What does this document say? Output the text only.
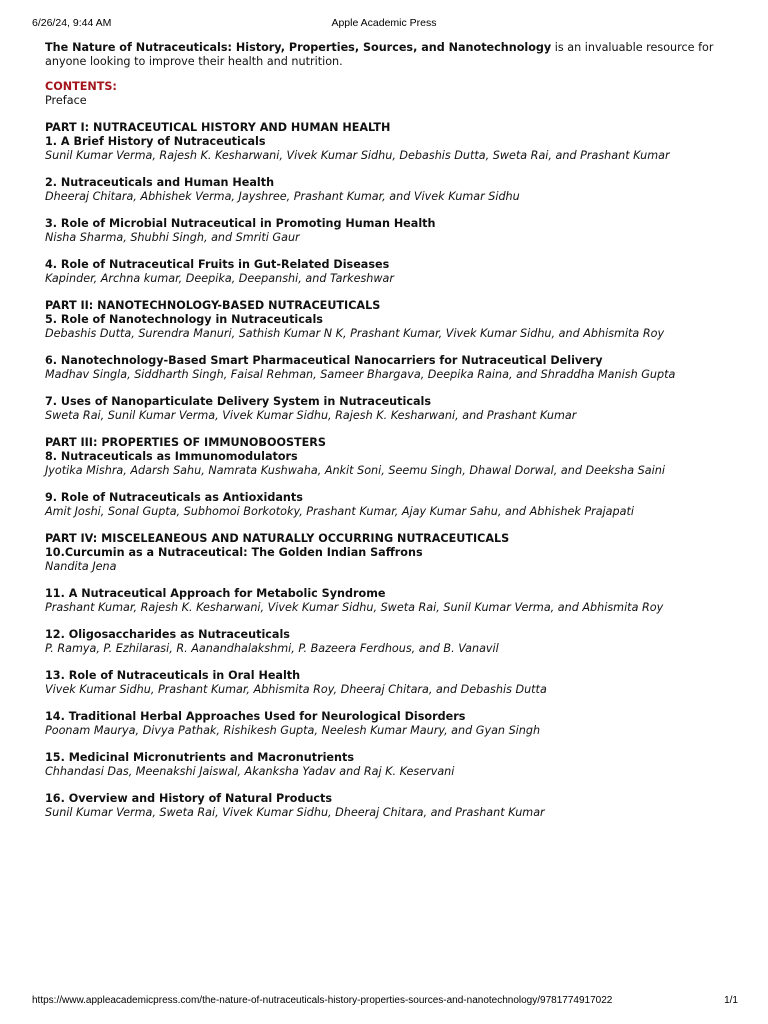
6/26/24, 9:44 AM	Apple Academic Press

The Nature of Nutraceuticals: History, Properties, Sources, and Nanotechnology is an invaluable resource for anyone looking to improve their health and nutrition.

CONTENTS:

Preface

PART I: NUTRACEUTICAL HISTORY AND HUMAN HEALTH

1. A Brief History of Nutraceuticals

Sunil Kumar Verma, Rajesh K. Kesharwani, Vivek Kumar Sidhu, Debashis Dutta, Sweta Rai, and Prashant Kumar

2. Nutraceuticals and Human Health

Dheeraj Chitara, Abhishek Verma, Jayshree, Prashant Kumar, and Vivek Kumar Sidhu

3. Role of Microbial Nutraceutical in Promoting Human Health

Nisha Sharma, Shubhi Singh, and Smriti Gaur

4. Role of Nutraceutical Fruits in Gut-Related Diseases

Kapinder, Archna kumar, Deepika, Deepanshi, and Tarkeshwar

PART II: NANOTECHNOLOGY-BASED NUTRACEUTICALS

5. Role of Nanotechnology in Nutraceuticals

Debashis Dutta, Surendra Manuri, Sathish Kumar N K, Prashant Kumar, Vivek Kumar Sidhu, and Abhismita Roy

6. Nanotechnology-Based Smart Pharmaceutical Nanocarriers for Nutraceutical Delivery

Madhav Singla, Siddharth Singh, Faisal Rehman, Sameer Bhargava, Deepika Raina, and Shraddha Manish Gupta

7. Uses of Nanoparticulate Delivery System in Nutraceuticals

Sweta Rai, Sunil Kumar Verma, Vivek Kumar Sidhu, Rajesh K. Kesharwani, and Prashant Kumar

PART III: PROPERTIES OF IMMUNOBOOSTERS

8. Nutraceuticals as Immunomodulators

Jyotika Mishra, Adarsh Sahu, Namrata Kushwaha, Ankit Soni, Seemu Singh, Dhawal Dorwal, and Deeksha Saini

9. Role of Nutraceuticals as Antioxidants

Amit Joshi, Sonal Gupta, Subhomoi Borkotoky, Prashant Kumar, Ajay Kumar Sahu, and Abhishek Prajapati

PART IV: MISCELEANEOUS AND NATURALLY OCCURRING NUTRACEUTICALS

10.Curcumin as a Nutraceutical: The Golden Indian Saffrons

Nandita Jena

11. A Nutraceutical Approach for Metabolic Syndrome

Prashant Kumar, Rajesh K. Kesharwani, Vivek Kumar Sidhu, Sweta Rai, Sunil Kumar Verma, and Abhismita Roy

12. Oligosaccharides as Nutraceuticals

P. Ramya, P. Ezhilarasi, R. Aanandhalakshmi, P. Bazeera Ferdhous, and B. Vanavil

13. Role of Nutraceuticals in Oral Health

Vivek Kumar Sidhu, Prashant Kumar, Abhismita Roy, Dheeraj Chitara, and Debashis Dutta

14. Traditional Herbal Approaches Used for Neurological Disorders

Poonam Maurya, Divya Pathak, Rishikesh Gupta, Neelesh Kumar Maury, and Gyan Singh

15. Medicinal Micronutrients and Macronutrients

Chhandasi Das, Meenakshi Jaiswal, Akanksha Yadav and Raj K. Keservani

16. Overview and History of Natural Products

Sunil Kumar Verma, Sweta Rai, Vivek Kumar Sidhu, Dheeraj Chitara, and Prashant Kumar

https://www.appleacademicpress.com/the-nature-of-nutraceuticals-history-properties-sources-and-nanotechnology/9781774917022	1/1
